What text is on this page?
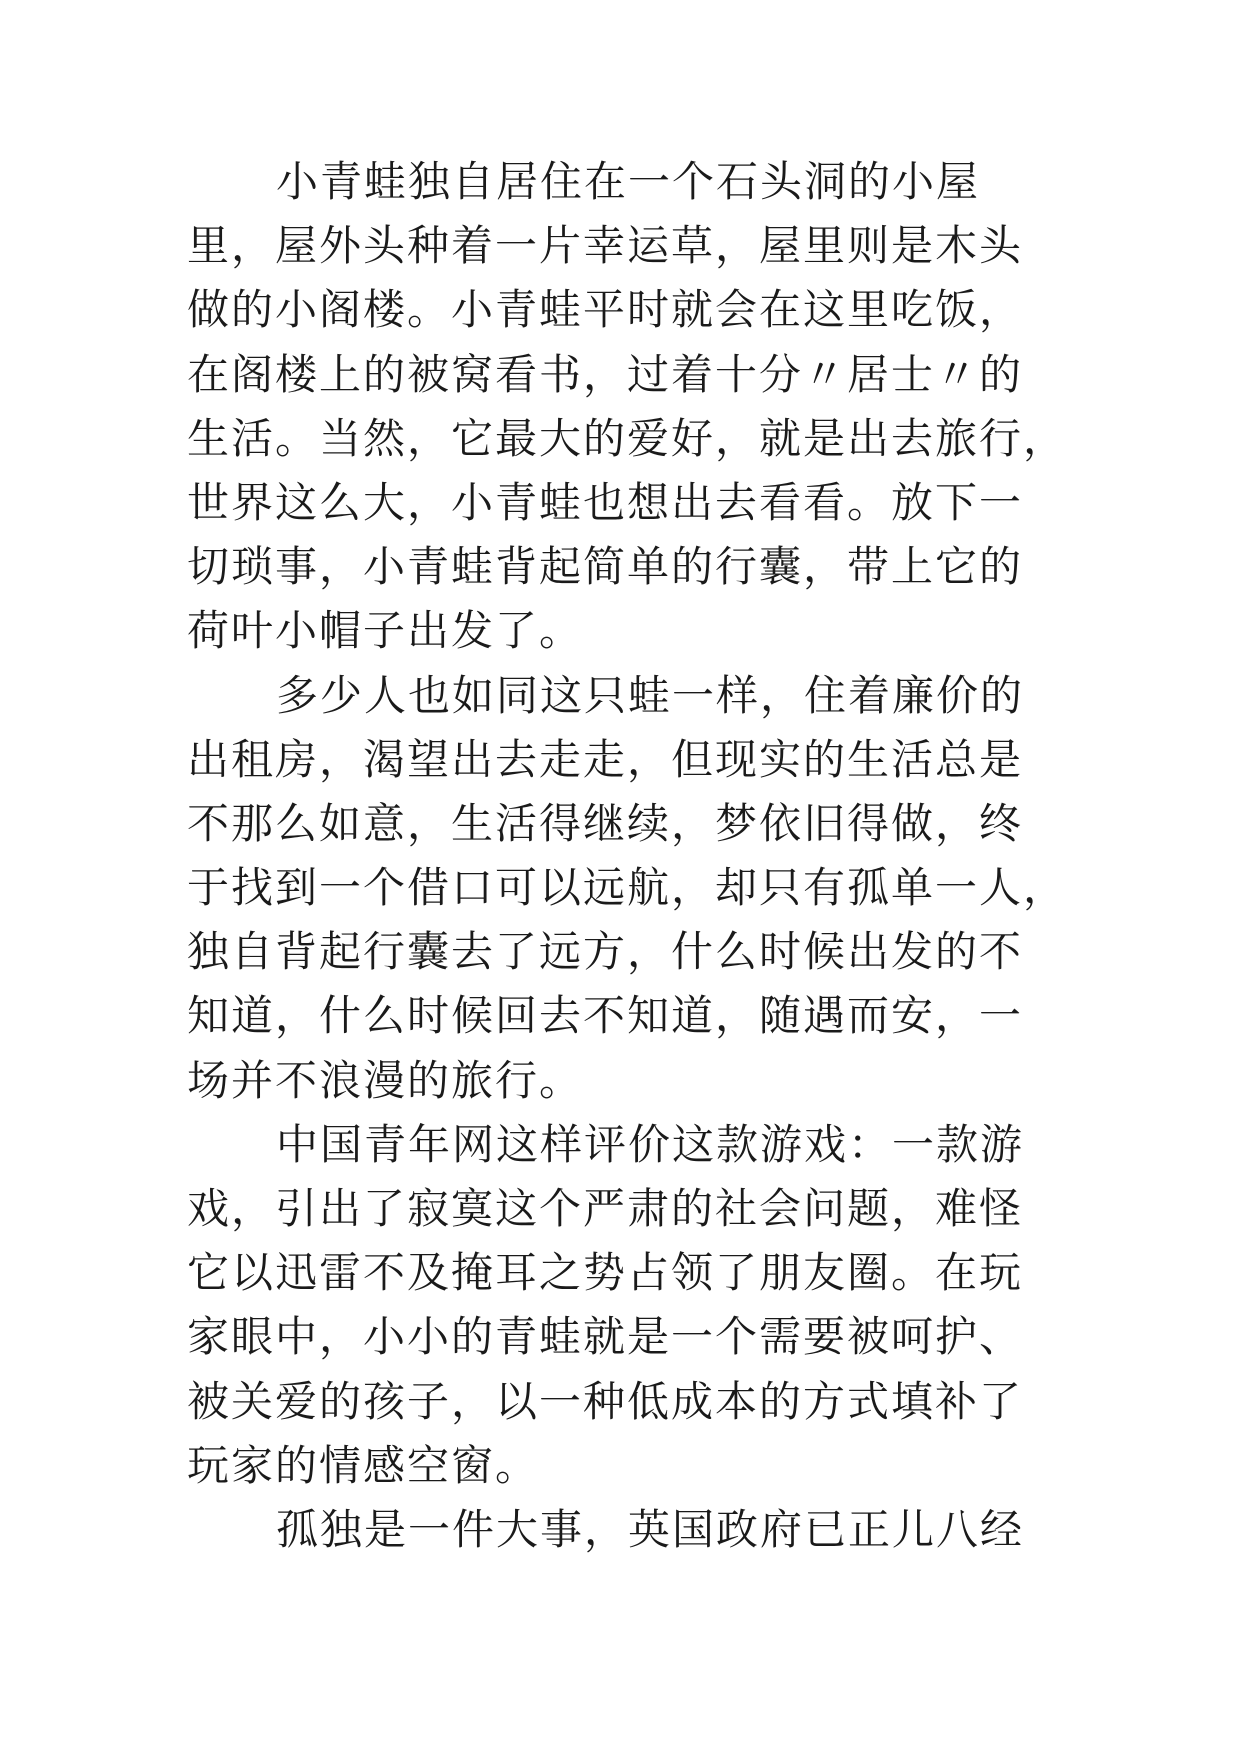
小青蛙独自居住在一个石头洞的小屋
里，屋外头种着一片幸运草，屋里则是木头
做的小阁楼。小青蛙平时就会在这里吃饭，
在阁楼上的被窝看书，过着十分〃居士〃的
生活。当然，它最大的爱好，就是出去旅行，
世界这么大，小青蛙也想出去看看。放下一
切琐事，小青蛙背起简单的行囊，带上它的
荷叶小帽子出发了。
多少人也如同这只蛙一样，住着廉价的
出租房，渴望出去走走，但现实的生活总是
不那么如意，生活得继续，梦依旧得做，终
于找到一个借口可以远航，却只有孤单一人，
独自背起行囊去了远方，什么时候出发的不
知道，什么时候回去不知道，随遇而安，一
场并不浪漫的旅行。
中国青年网这样评价这款游戏：一款游
戏，引出了寂寞这个严肃的社会问题，难怪
它以迅雷不及掩耳之势占领了朋友圈。在玩
家眼中，小小的青蛙就是一个需要被呵护、
被关爱的孩子，以一种低成本的方式填补了
玩家的情感空窗。
孤独是一件大事，英国政府已正儿八经
